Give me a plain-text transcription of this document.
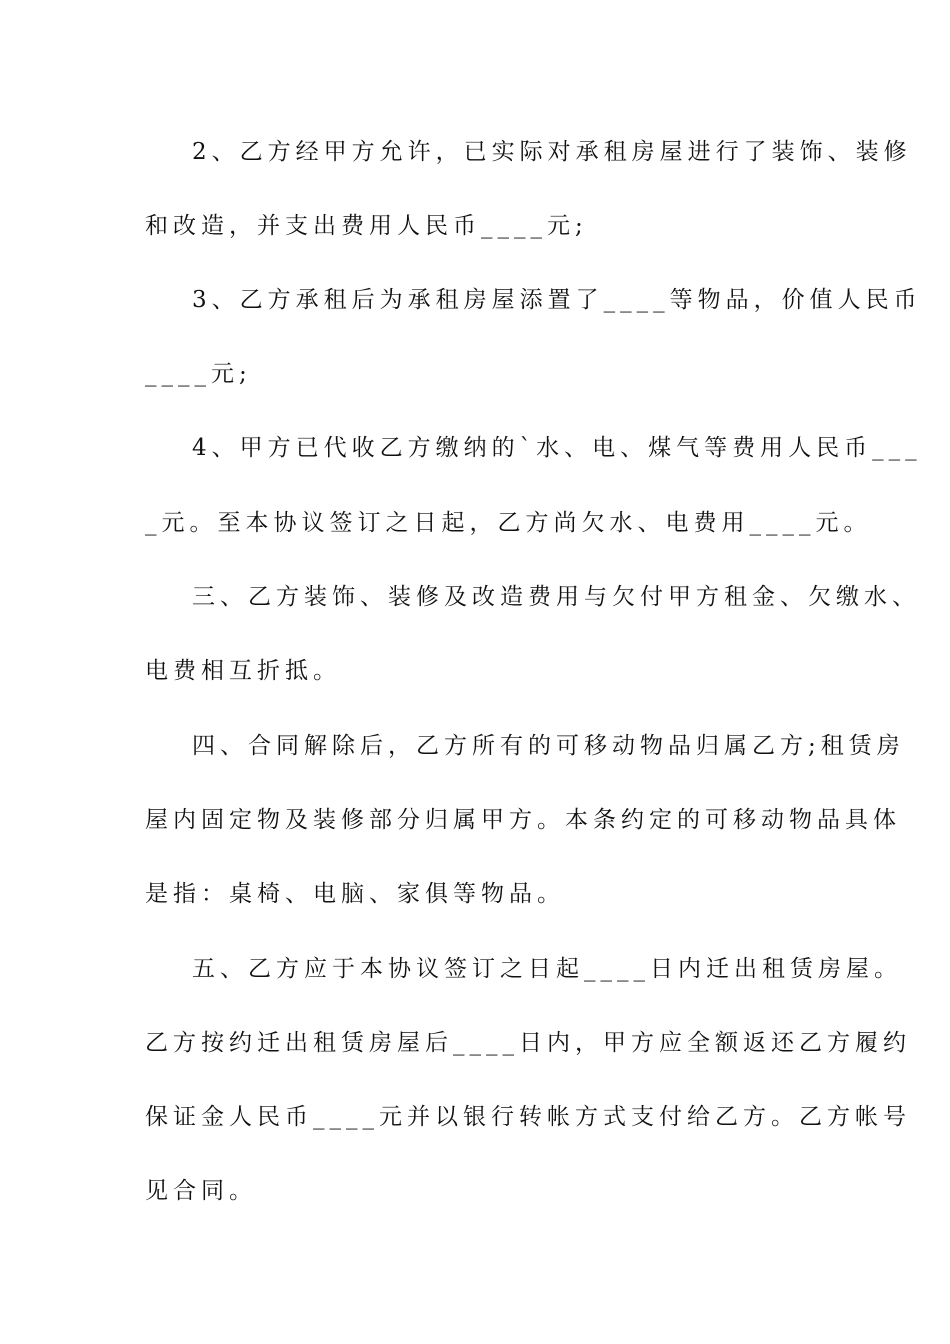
2、乙方经甲方允许，已实际对承租房屋进行了装饰、装修
和改造，并支出费用人民币____元;
3、乙方承租后为承租房屋添置了____等物品，价值人民币
____元;
4、甲方已代收乙方缴纳的`水、电、煤气等费用人民币___
_元。至本协议签订之日起，乙方尚欠水、电费用____元。
三、乙方装饰、装修及改造费用与欠付甲方租金、欠缴水、
电费相互折抵。
四、合同解除后，乙方所有的可移动物品归属乙方;租赁房
屋内固定物及装修部分归属甲方。本条约定的可移动物品具体
是指：桌椅、电脑、家俱等物品。
五、乙方应于本协议签订之日起____日内迁出租赁房屋。
乙方按约迁出租赁房屋后____日内，甲方应全额返还乙方履约
保证金人民币____元并以银行转帐方式支付给乙方。乙方帐号
见合同。
